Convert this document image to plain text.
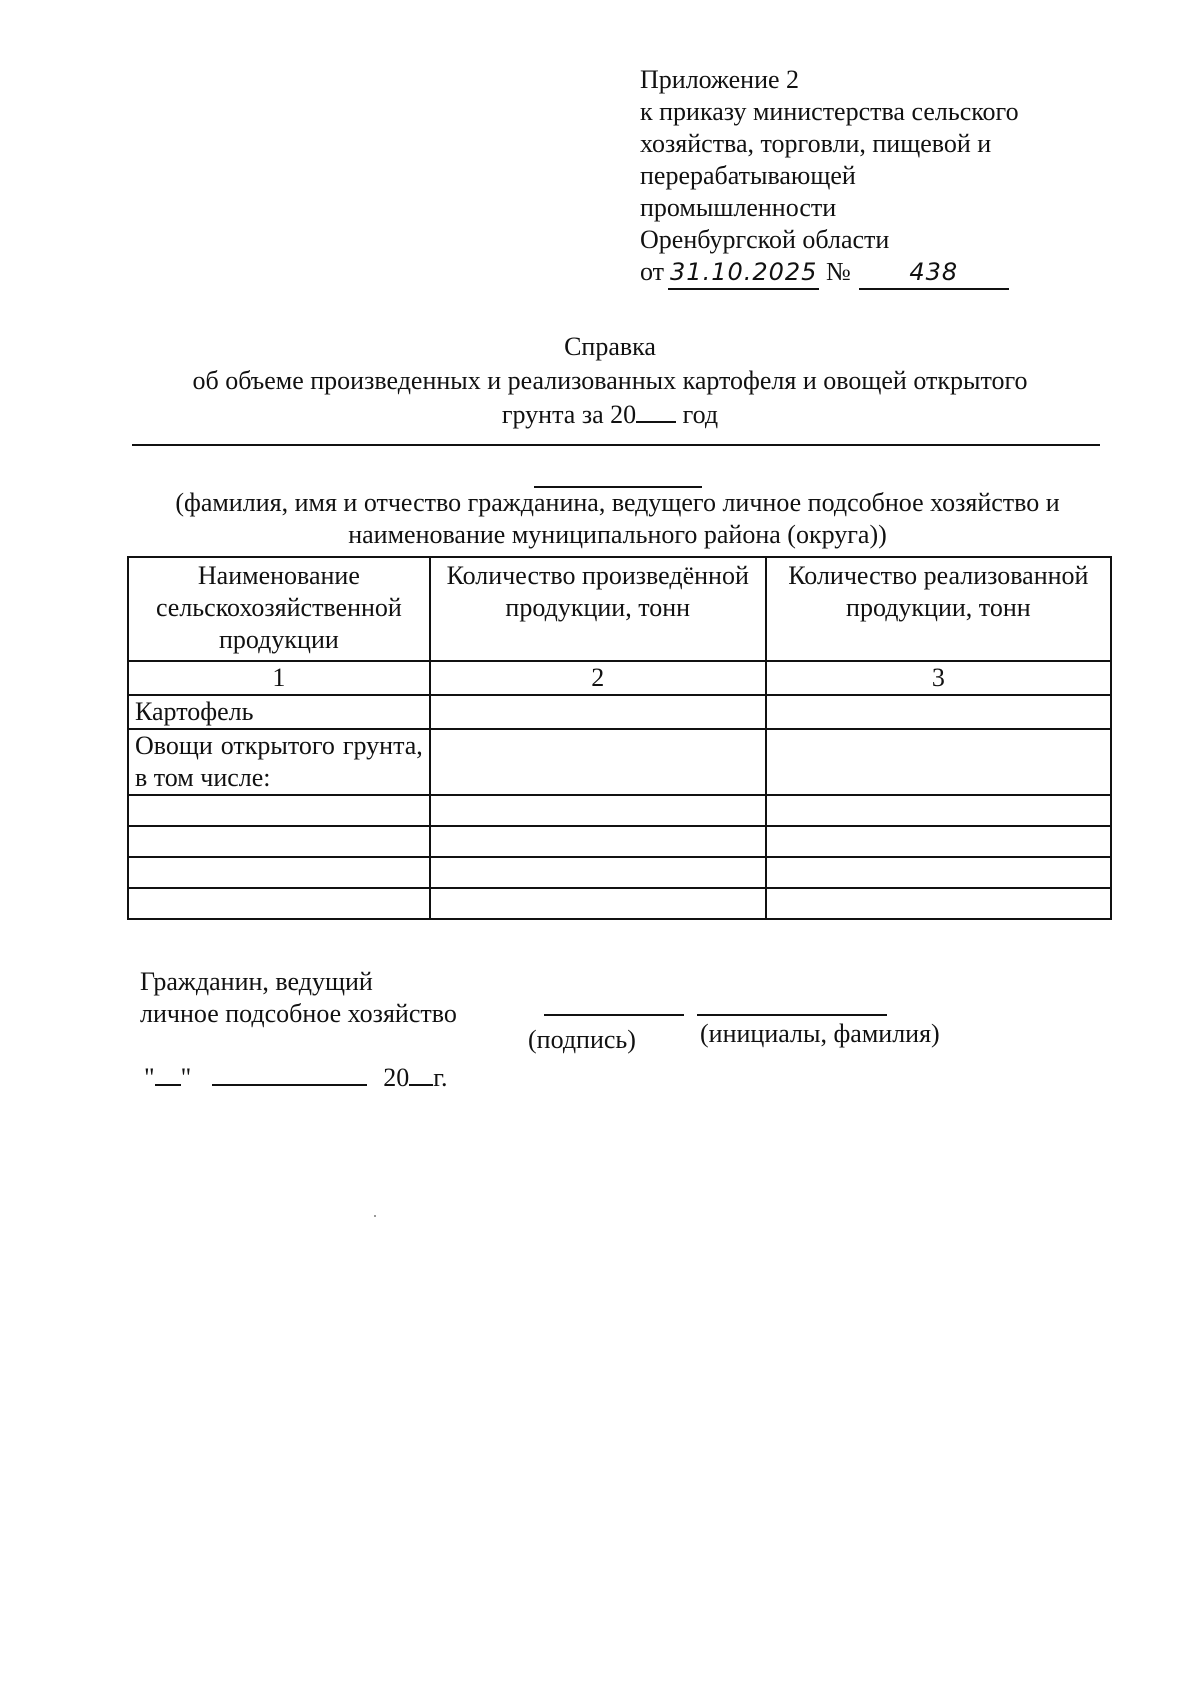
Приложение 2
к приказу министерства сельского
хозяйства, торговли, пищевой и
перерабатывающей
промышленности
Оренбургской области
от 31.10.2025 № 438
Справка
об объеме произведенных и реализованных картофеля и овощей открытого
грунта за 20 год
(фамилия, имя и отчество гражданина, ведущего личное подсобное хозяйство и
наименование муниципального района (округа))
Наименование сельскохозяйственной продукции	Количество произведённой продукции, тонн	Количество реализованной продукции, тонн
1	2	3
Картофель		
Овощи открытого грунта, в том числе:		

Гражданин, ведущий
личное подсобное хозяйство
(подпись) (инициалы, фамилия)
" "	20 г.
